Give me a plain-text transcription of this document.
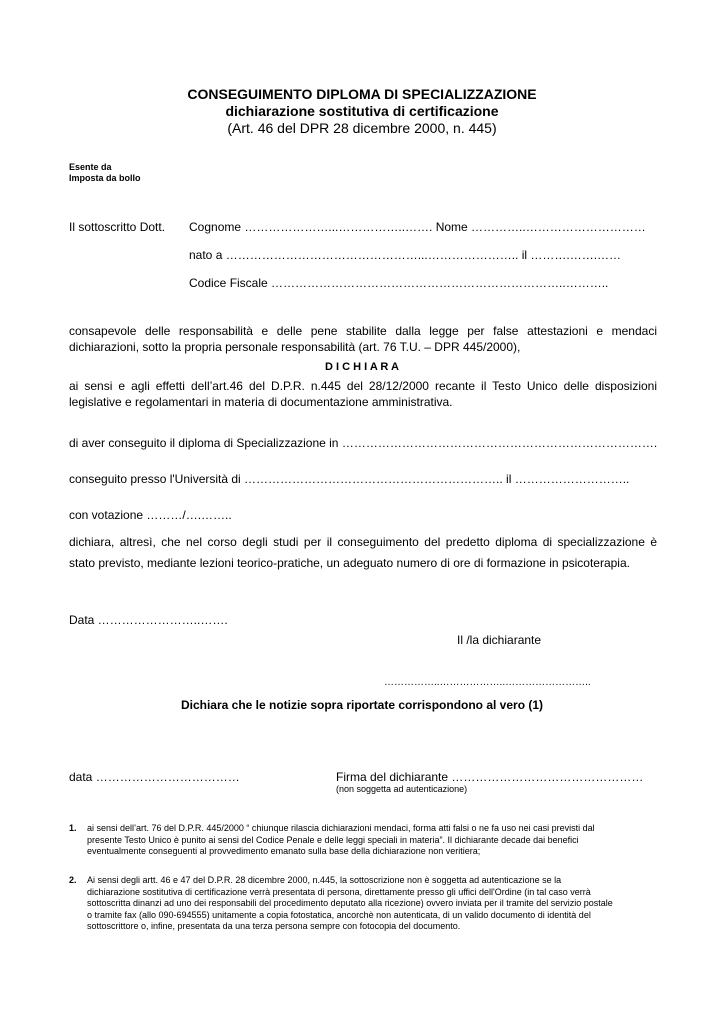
CONSEGUIMENTO DIPLOMA DI SPECIALIZZAZIONE
dichiarazione sostitutiva di certificazione
(Art. 46 del DPR 28 dicembre 2000, n. 445)
Esente da
Imposta da bollo
Il sottoscritto Dott. Cognome …………………...……………..……. Nome …………..…………………………
nato a …………………………………………...………………….. il ……….…….……
Codice Fiscale ………………………………………………………………..………..
consapevole delle responsabilità e delle pene stabilite dalla legge per false attestazioni e mendaci
dichiarazioni, sotto la propria personale responsabilità (art. 76 T.U. – DPR 445/2000),
D I C H I A R A
ai sensi e agli effetti dell’art.46 del D.P.R. n.445 del 28/12/2000 recante il Testo Unico delle disposizioni
legislative e regolamentari in materia di documentazione amministrativa.
di aver conseguito il diploma di Specializzazione in …………………………………………………………………….
conseguito presso l'Università di ……………………………………………………….. il ………………………..
con votazione ………/….……..
dichiara, altresì, che nel corso degli studi per il conseguimento del predetto diploma di specializzazione è
stato previsto, mediante lezioni teorico-pratiche, un adeguato numero di ore di formazione in psicoterapia.
Data ……………………..…….
Il /la dichiarante
……………..………………..……………………..
Dichiara che le notizie sopra riportate corrispondono al vero (1)
data ………………………………	Firma del dichiarante …………………………………………
(non soggetta ad autenticazione)
1.	ai sensi dell’art. 76 del D.P.R. 445/2000 “ chiunque rilascia dichiarazioni mendaci, forma atti falsi o ne fa uso nei casi previsti dal
presente Testo Unico è punito ai sensi del Codice Penale e delle leggi speciali in materia”. Il dichiarante decade dai benefici
eventualmente conseguenti al provvedimento emanato sulla base della dichiarazione non veritiera;
2.	Ai sensi degli artt. 46 e 47 del D.P.R. 28 dicembre 2000, n.445, la sottoscrizione non è soggetta ad autenticazione se la
dichiarazione sostitutiva di certificazione verrà presentata di persona, direttamente presso gli uffici dell'Ordine (in tal caso verrà
sottoscritta dinanzi ad uno dei responsabili del procedimento deputato alla ricezione) ovvero inviata per il tramite del servizio postale
o tramite fax (allo 090-694555) unitamente a copia fotostatica, ancorchè non autenticata, di un valido documento di identità del
sottoscrittore o, infine, presentata da una terza persona sempre con fotocopia del documento.
